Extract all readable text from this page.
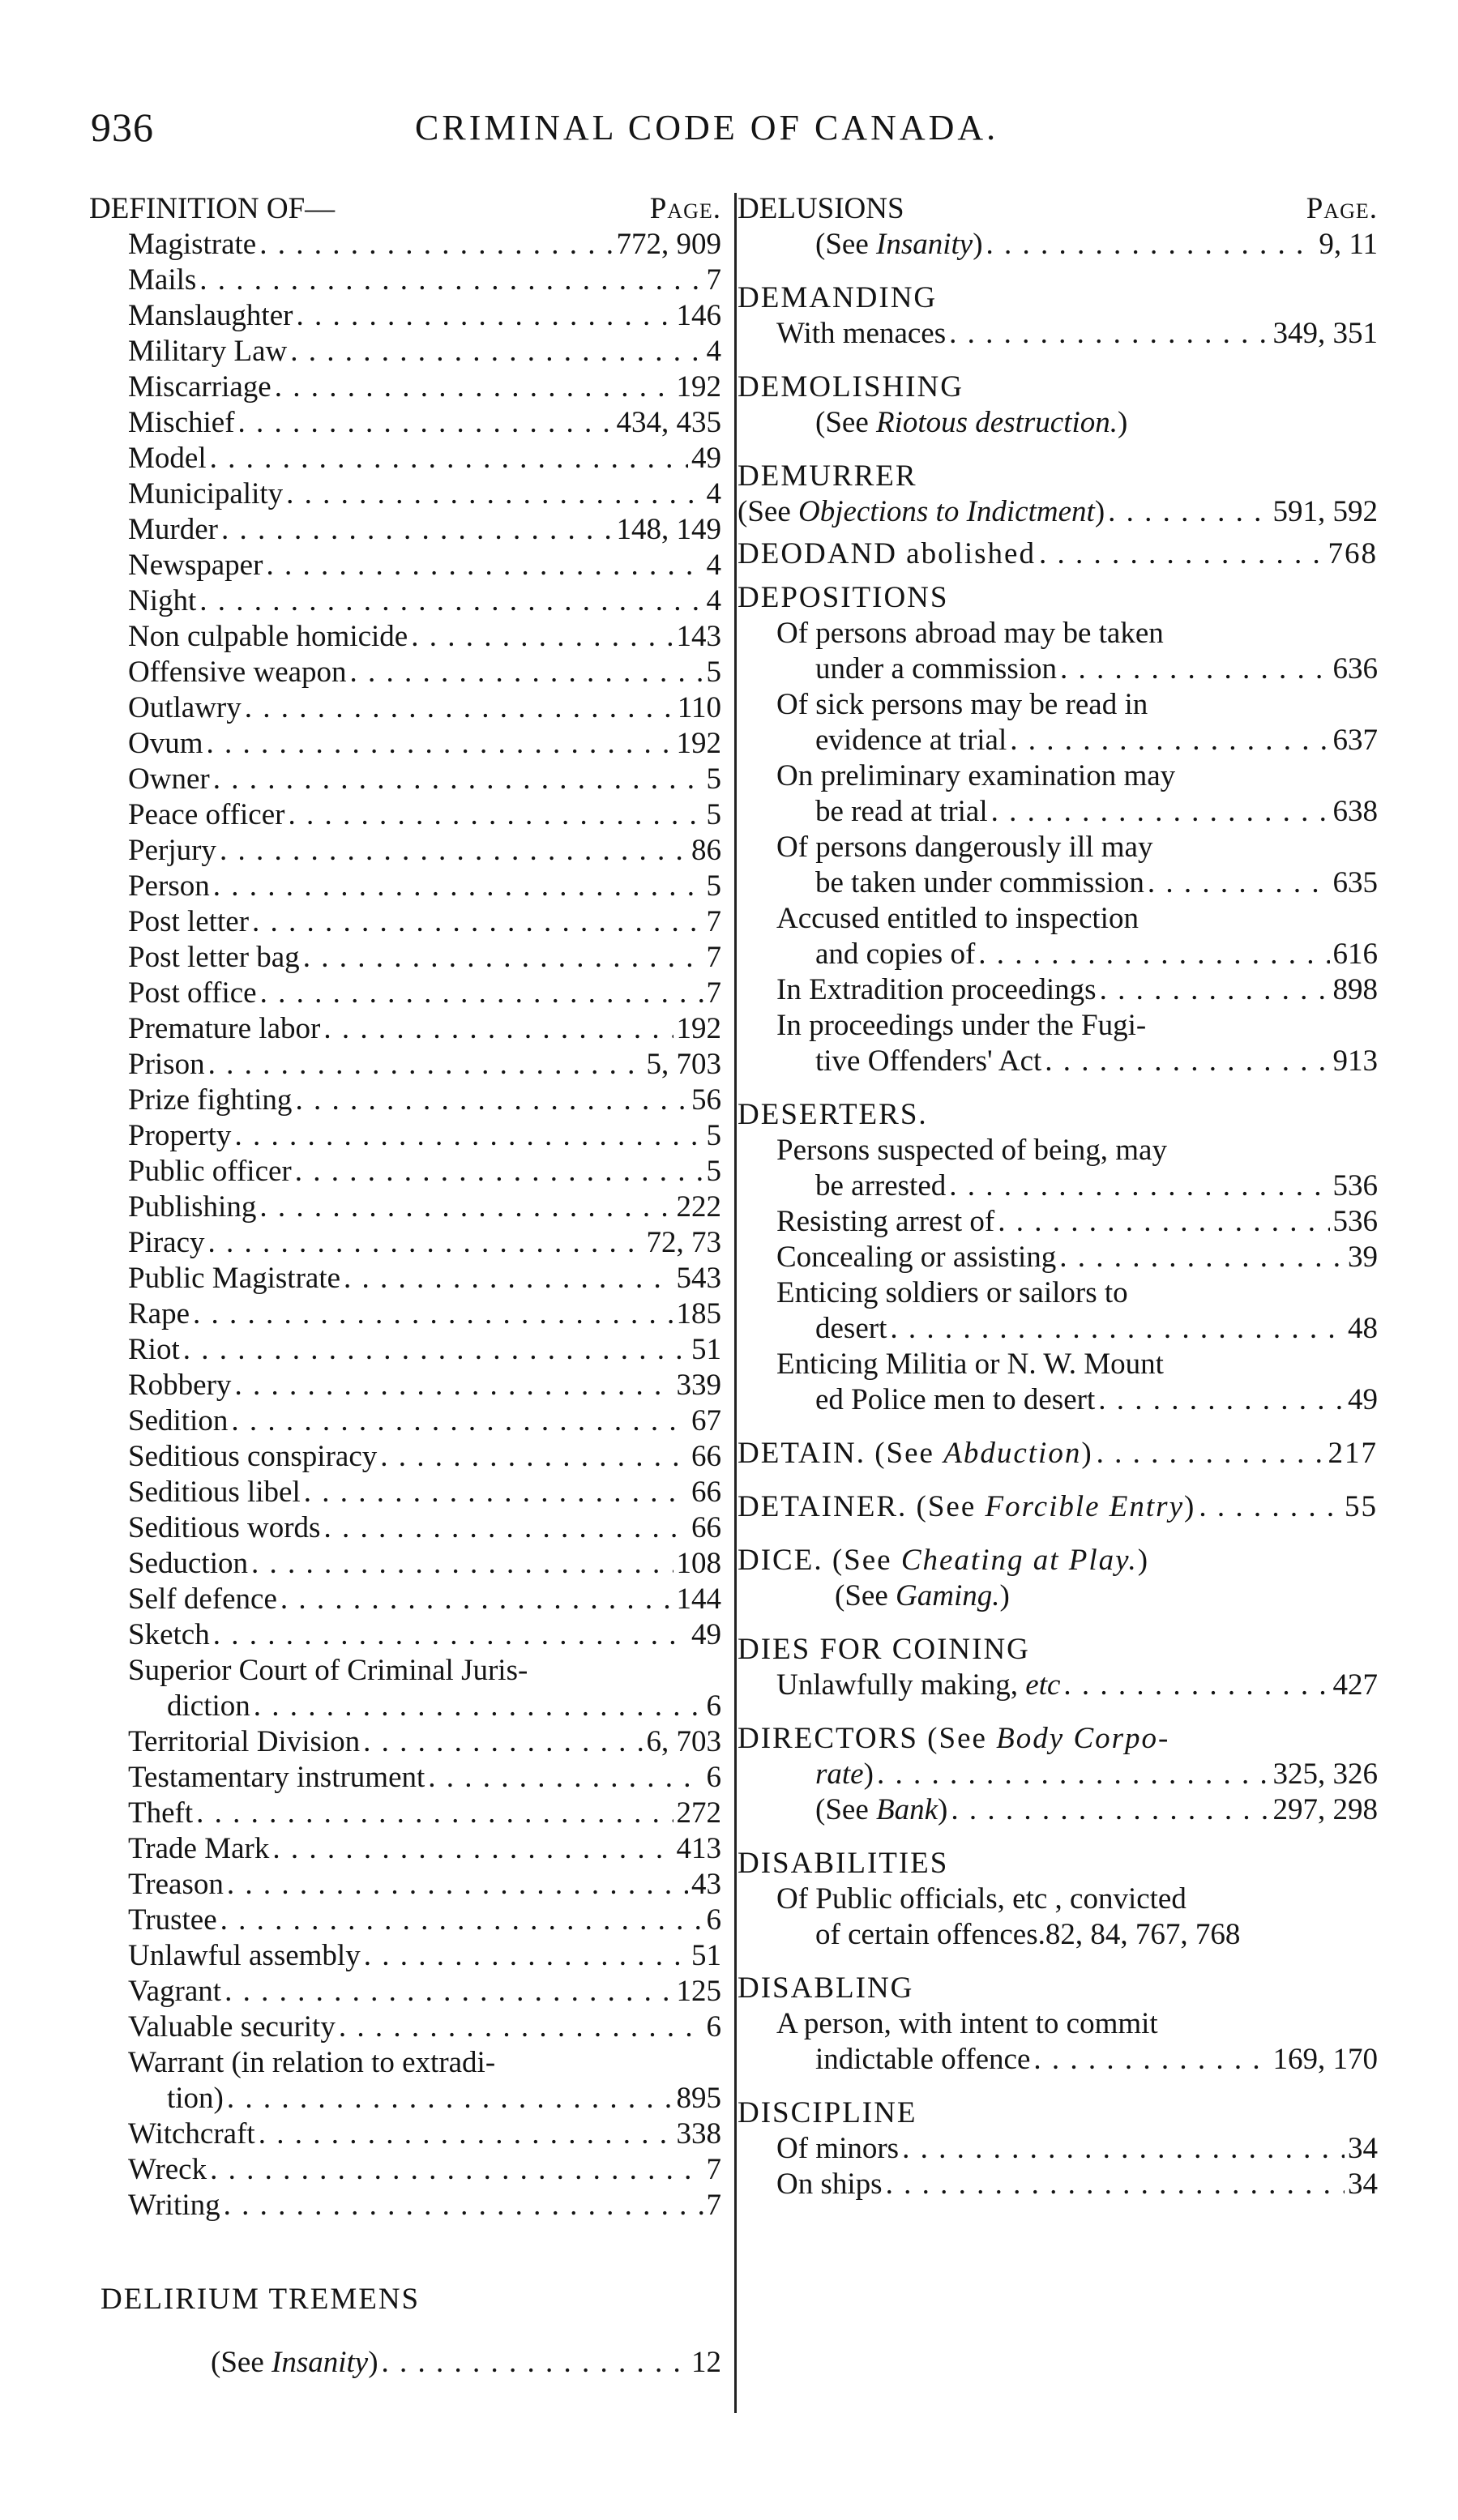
936	CRIMINAL CODE OF CANADA.
DEFINITION OF—	Page.
Magistrate . . .	772, 909
Mails . . .	7
Manslaughter . . .	146
Military Law . . .	4
Miscarriage . . .	192
Mischief . . .	434, 435
Model . . .	49
Municipality . . .	4
Murder . . .	148, 149
Newspaper . . .	4
Night . . .	4
Non culpable homicide . . .	143
Offensive weapon . . .	5
Outlawry . . .	110
Ovum . . .	192
Owner . . .	5
Peace officer . . .	5
Perjury . . .	86
Person . . .	5
Post letter . . .	7
Post letter bag . . .	7
Post office . . .	7
Premature labor . . .	192
Prison . . .	5, 703
Prize fighting . . .	56
Property . . .	5
Public officer . . .	5
Publishing . . .	222
Piracy . . .	72, 73
Public Magistrate . . .	543
Rape . . .	185
Riot . . .	51
Robbery . . .	339
Sedition . . .	67
Seditious conspiracy . . .	66
Seditious libel . . .	66
Seditious words . . .	66
Seduction . . .	108
Self defence . . .	144
Sketch . . .	49
Superior Court of Criminal Juris-
diction . . .	6
Territorial Division . . .	6, 703
Testamentary instrument . . .	6
Theft . . .	272
Trade Mark . . .	413
Treason . . .	43
Trustee . . .	6
Unlawful assembly . . .	51
Vagrant . . .	125
Valuable security . . .	6
Warrant (in relation to extradi-
tion) . . .	895
Witchcraft . . .	338
Wreck . . .	7
Writing . . .	7
DELIRIUM TREMENS
(See Insanity) . . .	12
DELUSIONS	Page.
(See Insanity) . . .	9, 11
DEMANDING
With menaces . . .	349, 351
DEMOLISHING
(See Riotous destruction.)
DEMURRER
(See Objections to Indictment) . . .	591, 592
DEODAND abolished . . .	768
DEPOSITIONS
Of persons abroad may be taken
under a commission . . .	636
Of sick persons may be read in
evidence at trial . . .	637
On preliminary examination may
be read at trial . . .	638
Of persons dangerously ill may
be taken under commission . . .	635
Accused entitled to inspection
and copies of . . .	616
In Extradition proceedings . . .	898
In proceedings under the Fugi-
tive Offenders' Act . . .	913
DESERTERS.
Persons suspected of being, may
be arrested . . .	536
Resisting arrest of . . .	536
Concealing or assisting . . .	39
Enticing soldiers or sailors to
desert . . .	48
Enticing Militia or N. W. Mount
ed Police men to desert . . .	49
DETAIN. (See Abduction) . . .	217
DETAINER. (See Forcible Entry) . . .	55
DICE. (See Cheating at Play.)
(See Gaming.)
DIES FOR COINING
Unlawfully making, etc . . .	427
DIRECTORS (See Body Corpo-
rate) . . .	325, 326
(See Bank) . . .	297, 298
DISABILITIES
Of Public officials, etc , convicted
of certain offences.82, 84, 767, 768
DISABLING
A person, with intent to commit
indictable offence . . .	169, 170
DISCIPLINE
Of minors . . .	34
On ships . . .	34
